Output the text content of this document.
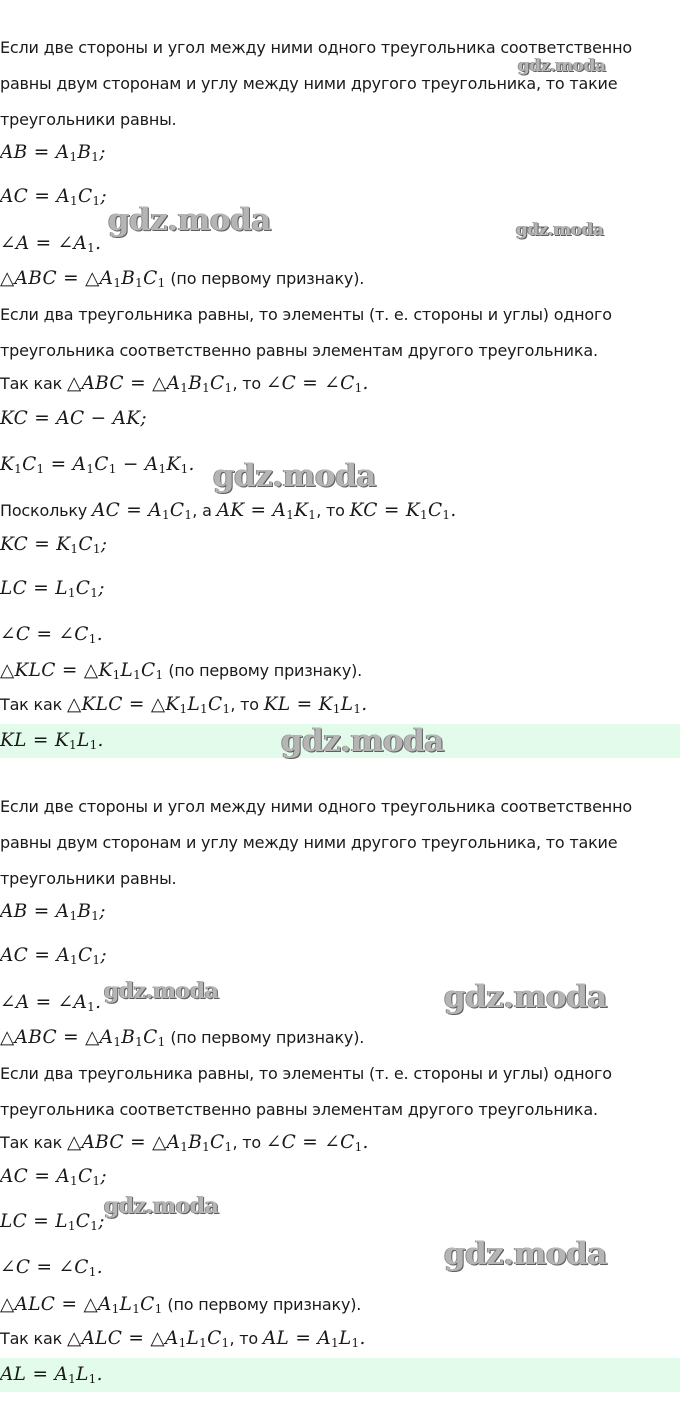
Если две стороны и угол между ними одного треугольника соответственно
равны двум сторонам и углу между ними другого треугольника, то такие
треугольники равны.
AB = $A_1B_1$;
AC = $A_1C_1$;
∠A = $\angle A_1$.
△ABC = $\triangle A_1B_1C_1$ (по первому признаку).
Если два треугольника равны, то элементы (т. е. стороны и углы) одного
треугольника соответственно равны элементам другого треугольника.
Так как △ABC = $\triangle A_1B_1C_1$, то ∠C = $\angle C_1$.
KC = AC − AK;
$K_1C_1 = A_1C_1 - A_1K_1$.
Поскольку AC = $A_1C_1$, а AK = $A_1K_1$, то KC = $K_1C_1$.
KC = $K_1C_1$;
LC = $L_1C_1$;
∠C = $\angle C_1$.
△KLC = $\triangle K_1L_1C_1$ (по первому признаку).
Так как △KLC = $\triangle K_1L_1C_1$, то KL = $K_1L_1$.
KL = $K_1L_1$.
Если две стороны и угол между ними одного треугольника соответственно
равны двум сторонам и углу между ними другого треугольника, то такие
треугольники равны.
AB = $A_1B_1$;
AC = $A_1C_1$;
∠A = $\angle A_1$.
△ABC = $\triangle A_1B_1C_1$ (по первому признаку).
Если два треугольника равны, то элементы (т. е. стороны и углы) одного
треугольника соответственно равны элементам другого треугольника.
Так как △ABC = $\triangle A_1B_1C_1$, то ∠C = $\angle C_1$.
AC = $A_1C_1$;
LC = $L_1C_1$;
∠C = $\angle C_1$.
△ALC = $\triangle A_1L_1C_1$ (по первому признаку).
Так как △ALC = $\triangle A_1L_1C_1$, то AL = $A_1L_1$.
AL = $A_1L_1$.
gdz.moda
gdz.moda	gdz.moda
gdz.moda
gdz.moda
gdz.moda	gdz.moda
gdz.moda
gdz.moda
